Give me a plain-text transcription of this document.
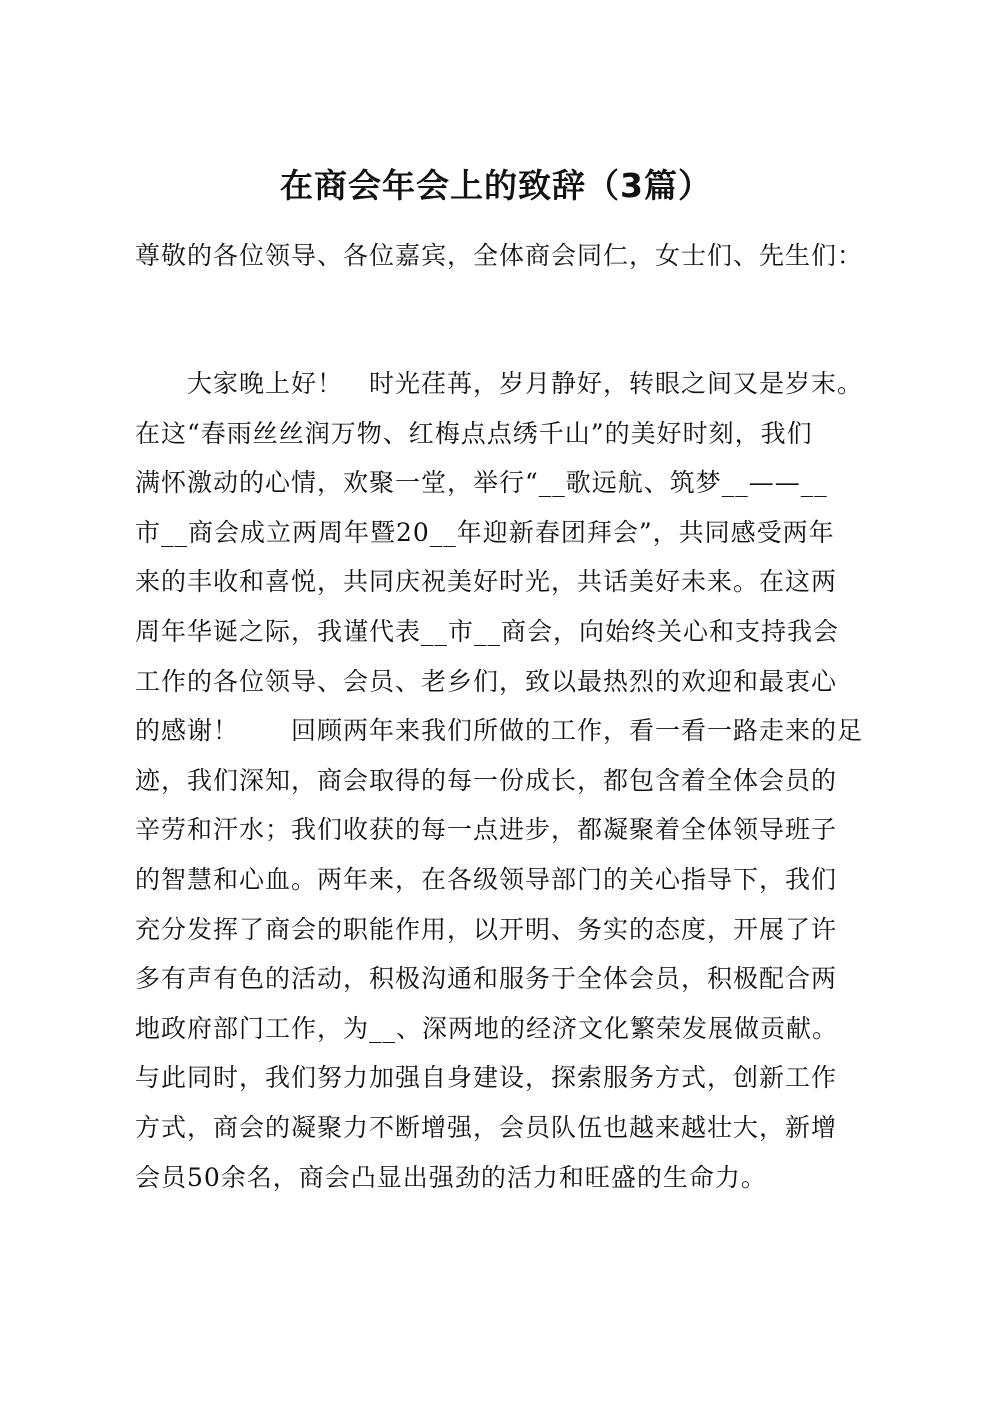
在商会年会上的致辞（3篇）
尊敬的各位领导、各位嘉宾，全体商会同仁，女士们、先生们：
　　大家晚上好！　时光荏苒，岁月静好，转眼之间又是岁末。
在这“春雨丝丝润万物、红梅点点绣千山”的美好时刻，我们
满怀激动的心情，欢聚一堂，举行“__歌远航、筑梦__——__
市__商会成立两周年暨20__年迎新春团拜会”，共同感受两年
来的丰收和喜悦，共同庆祝美好时光，共话美好未来。在这两
周年华诞之际，我谨代表__市__商会，向始终关心和支持我会
工作的各位领导、会员、老乡们，致以最热烈的欢迎和最衷心
的感谢！　　回顾两年来我们所做的工作，看一看一路走来的足
迹，我们深知，商会取得的每一份成长，都包含着全体会员的
辛劳和汗水；我们收获的每一点进步，都凝聚着全体领导班子
的智慧和心血。两年来，在各级领导部门的关心指导下，我们
充分发挥了商会的职能作用，以开明、务实的态度，开展了许
多有声有色的活动，积极沟通和服务于全体会员，积极配合两
地政府部门工作，为__、深两地的经济文化繁荣发展做贡献。
与此同时，我们努力加强自身建设，探索服务方式，创新工作
方式，商会的凝聚力不断增强，会员队伍也越来越壮大，新增
会员50余名，商会凸显出强劲的活力和旺盛的生命力。
